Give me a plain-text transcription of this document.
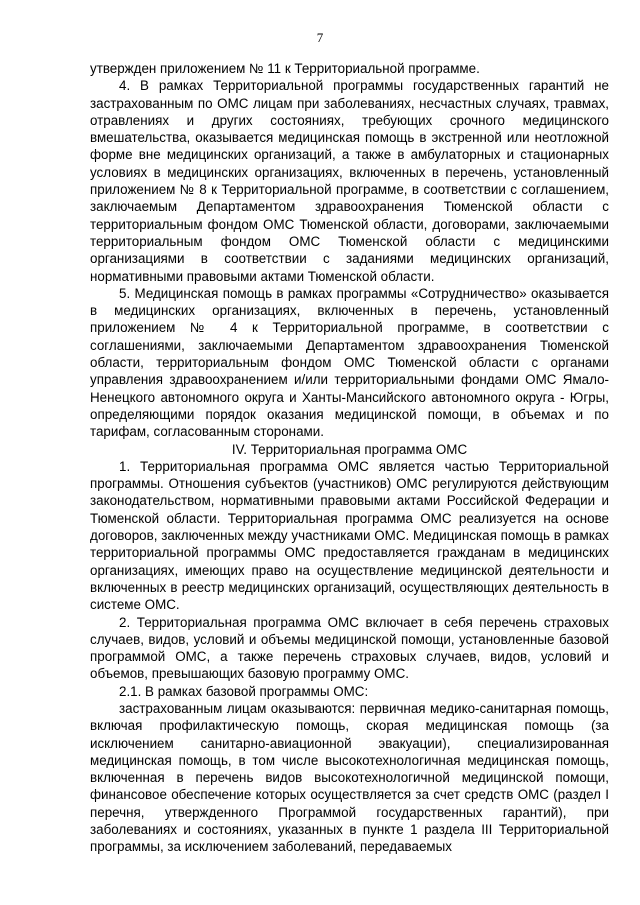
7

утвержден приложением № 11 к Территориальной программе.

4. В рамках Территориальной программы государственных гарантий не застрахованным по ОМС лицам при заболеваниях, несчастных случаях, травмах, отравлениях и других состояниях, требующих срочного медицинского вмешательства, оказывается медицинская помощь в экстренной или неотложной форме вне медицинских организаций, а также в амбулаторных и стационарных условиях в медицинских организациях, включенных в перечень, установленный приложением № 8 к Территориальной программе, в соответствии с соглашением, заключаемым Департаментом здравоохранения Тюменской области с территориальным фондом ОМС Тюменской области, договорами, заключаемыми территориальным фондом ОМС Тюменской области с медицинскими организациями в соответствии с заданиями медицинских организаций, нормативными правовыми актами Тюменской области.

5. Медицинская помощь в рамках программы «Сотрудничество» оказывается в медицинских организациях, включенных в перечень, установленный приложением № 4 к Территориальной программе, в соответствии с соглашениями, заключаемыми Департаментом здравоохранения Тюменской области, территориальным фондом ОМС Тюменской области с органами управления здравоохранением и/или территориальными фондами ОМС Ямало-Ненецкого автономного округа и Ханты-Мансийского автономного округа - Югры, определяющими порядок оказания медицинской помощи, в объемах и по тарифам, согласованным сторонами.

IV. Территориальная программа ОМС

1. Территориальная программа ОМС является частью Территориальной программы. Отношения субъектов (участников) ОМС регулируются действующим законодательством, нормативными правовыми актами Российской Федерации и Тюменской области. Территориальная программа ОМС реализуется на основе договоров, заключенных между участниками ОМС. Медицинская помощь в рамках территориальной программы ОМС предоставляется гражданам в медицинских организациях, имеющих право на осуществление медицинской деятельности и включенных в реестр медицинских организаций, осуществляющих деятельность в системе ОМС.

2. Территориальная программа ОМС включает в себя перечень страховых случаев, видов, условий и объемы медицинской помощи, установленные базовой программой ОМС, а также перечень страховых случаев, видов, условий и объемов, превышающих базовую программу ОМС.

2.1. В рамках базовой программы ОМС:

застрахованным лицам оказываются: первичная медико-санитарная помощь, включая профилактическую помощь, скорая медицинская помощь (за исключением санитарно-авиационной эвакуации), специализированная медицинская помощь, в том числе высокотехнологичная медицинская помощь, включенная в перечень видов высокотехнологичной медицинской помощи, финансовое обеспечение которых осуществляется за счет средств ОМС (раздел I перечня, утвержденного Программой государственных гарантий), при заболеваниях и состояниях, указанных в пункте 1 раздела III Территориальной программы, за исключением заболеваний, передаваемых
